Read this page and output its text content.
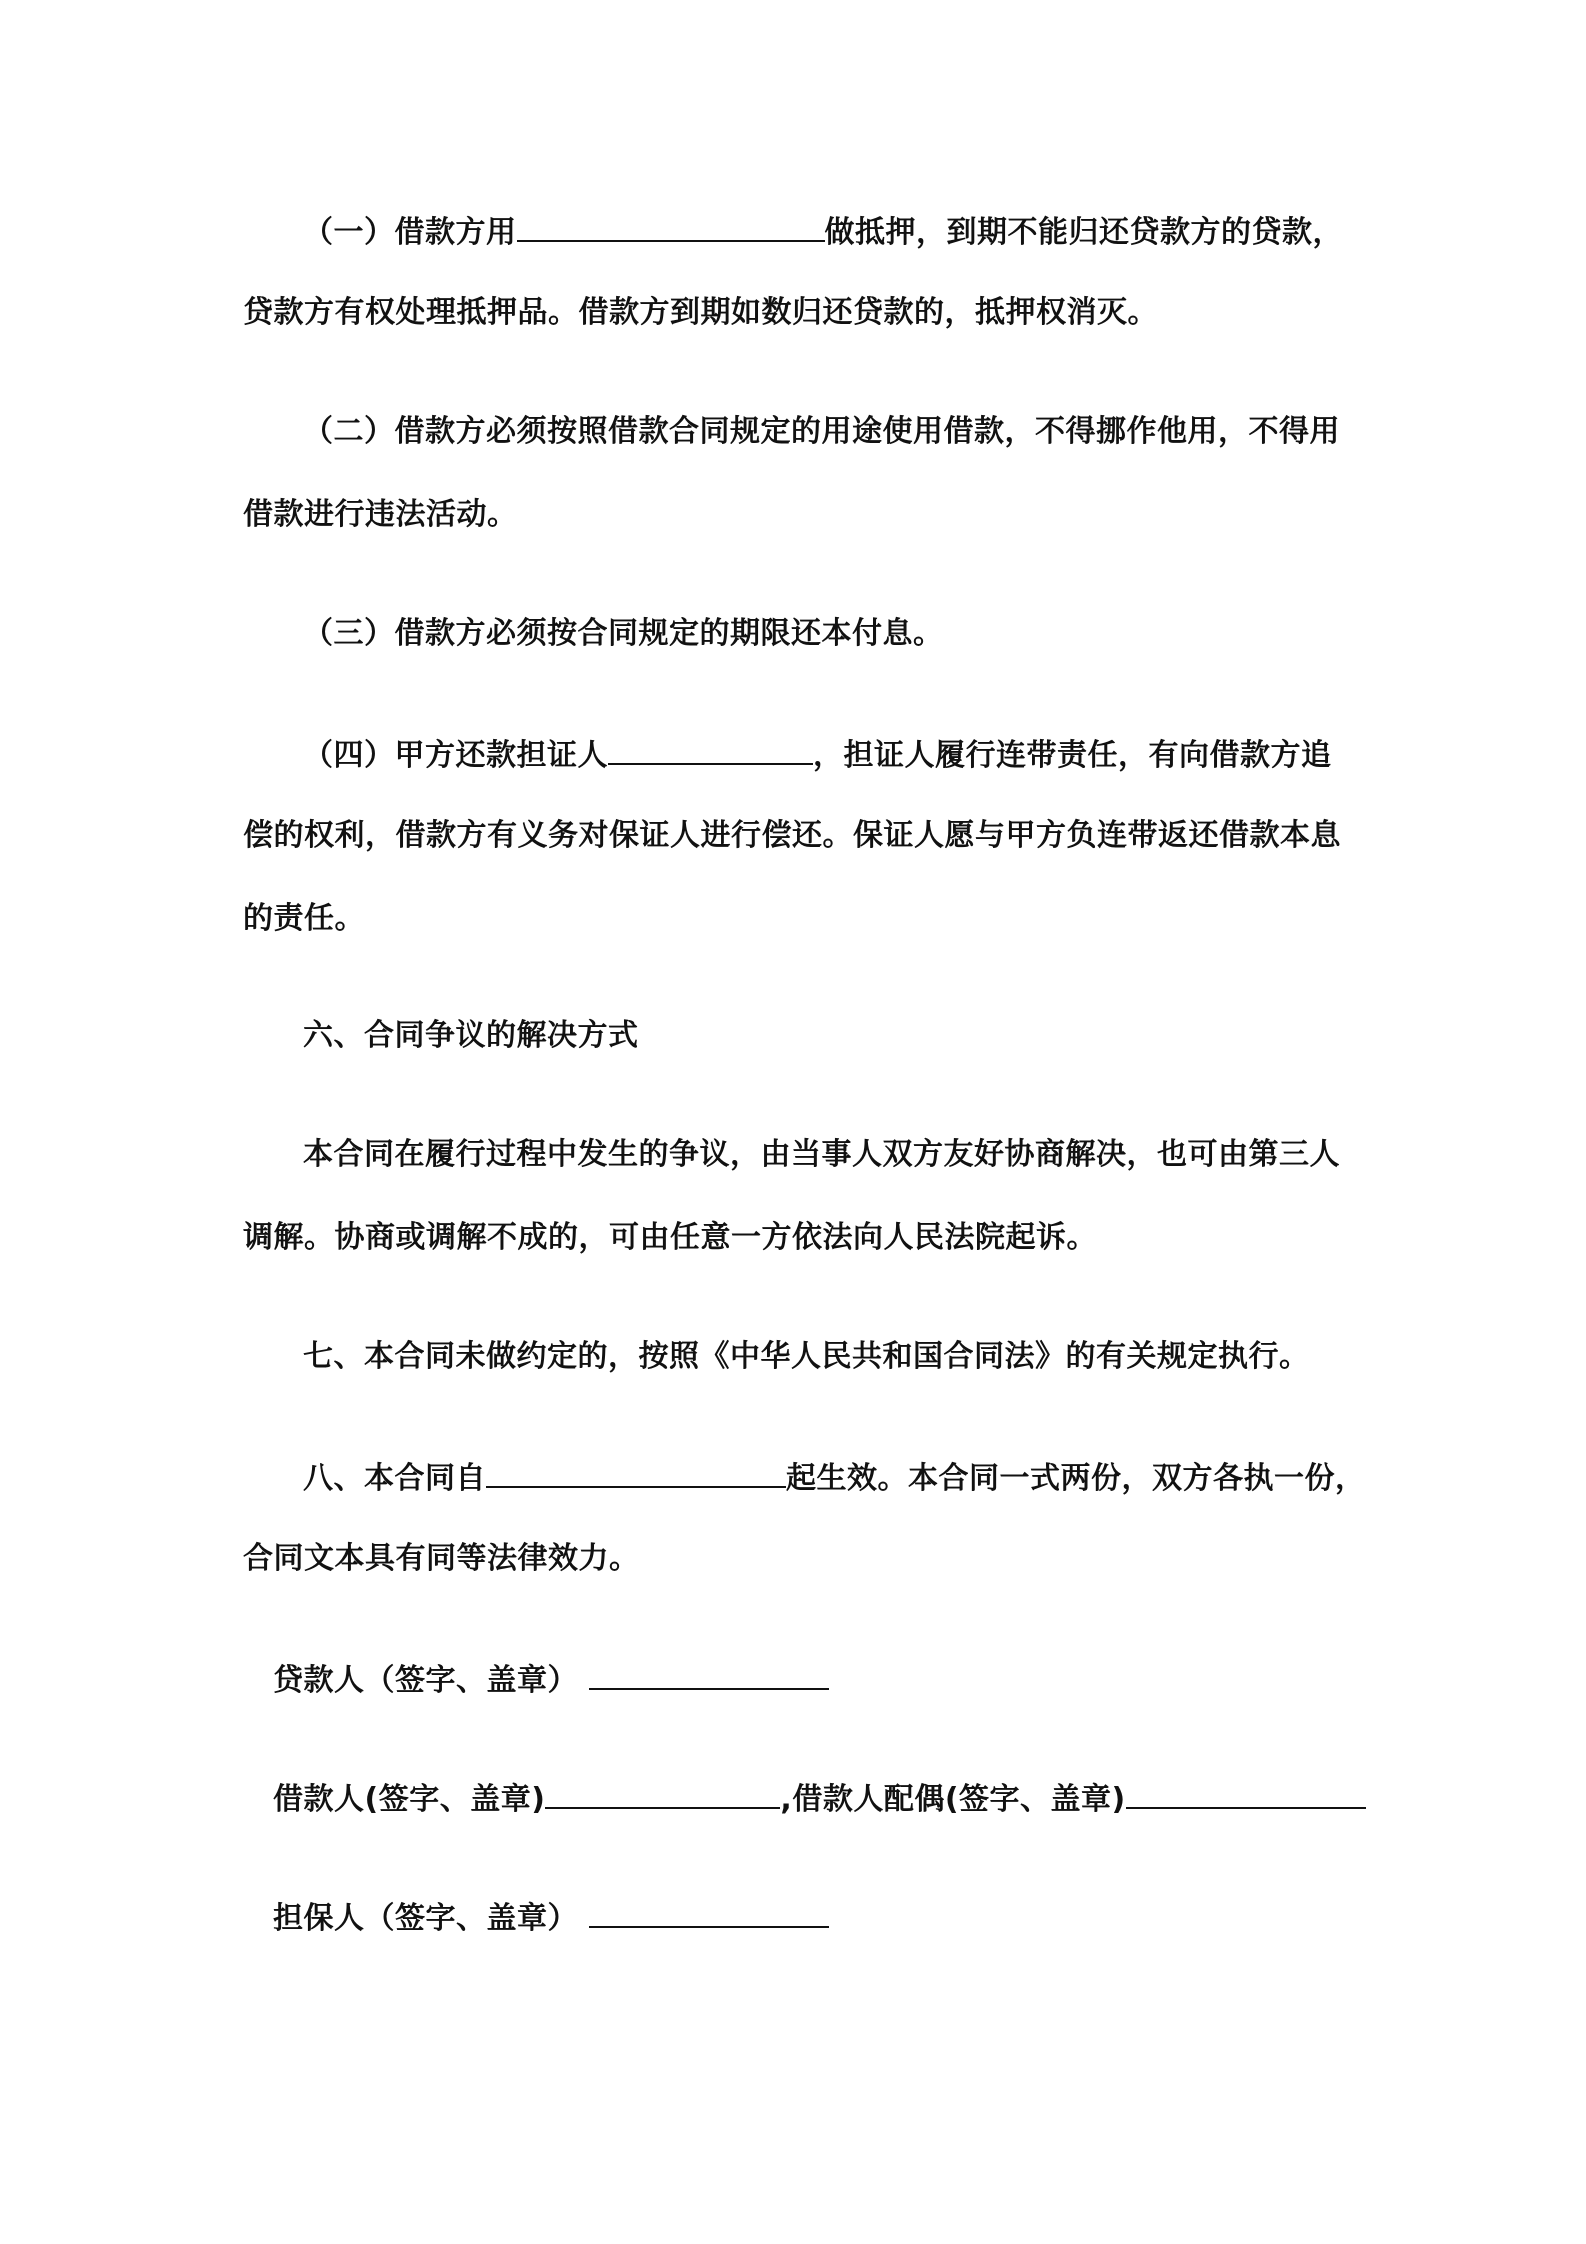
（一）借款方用	做抵押，到期不能归还贷款方的贷款，
贷款方有权处理抵押品。借款方到期如数归还贷款的，抵押权消灭。
（二）借款方必须按照借款合同规定的用途使用借款，不得挪作他用，不得用
借款进行违法活动。
（三）借款方必须按合同规定的期限还本付息。
（四）甲方还款担证人	，担证人履行连带责任，有向借款方追
偿的权利，借款方有义务对保证人进行偿还。保证人愿与甲方负连带返还借款本息
的责任。
六、合同争议的解决方式
本合同在履行过程中发生的争议，由当事人双方友好协商解决，也可由第三人
调解。协商或调解不成的，可由任意一方依法向人民法院起诉。
七、本合同未做约定的，按照《中华人民共和国合同法》的有关规定执行。
八、本合同自	起生效。本合同一式两份，双方各执一份，
合同文本具有同等法律效力。
贷款人（签字、盖章）
借款人(签字、盖章)	,借款人配偶(签字、盖章)
担保人（签字、盖章）
